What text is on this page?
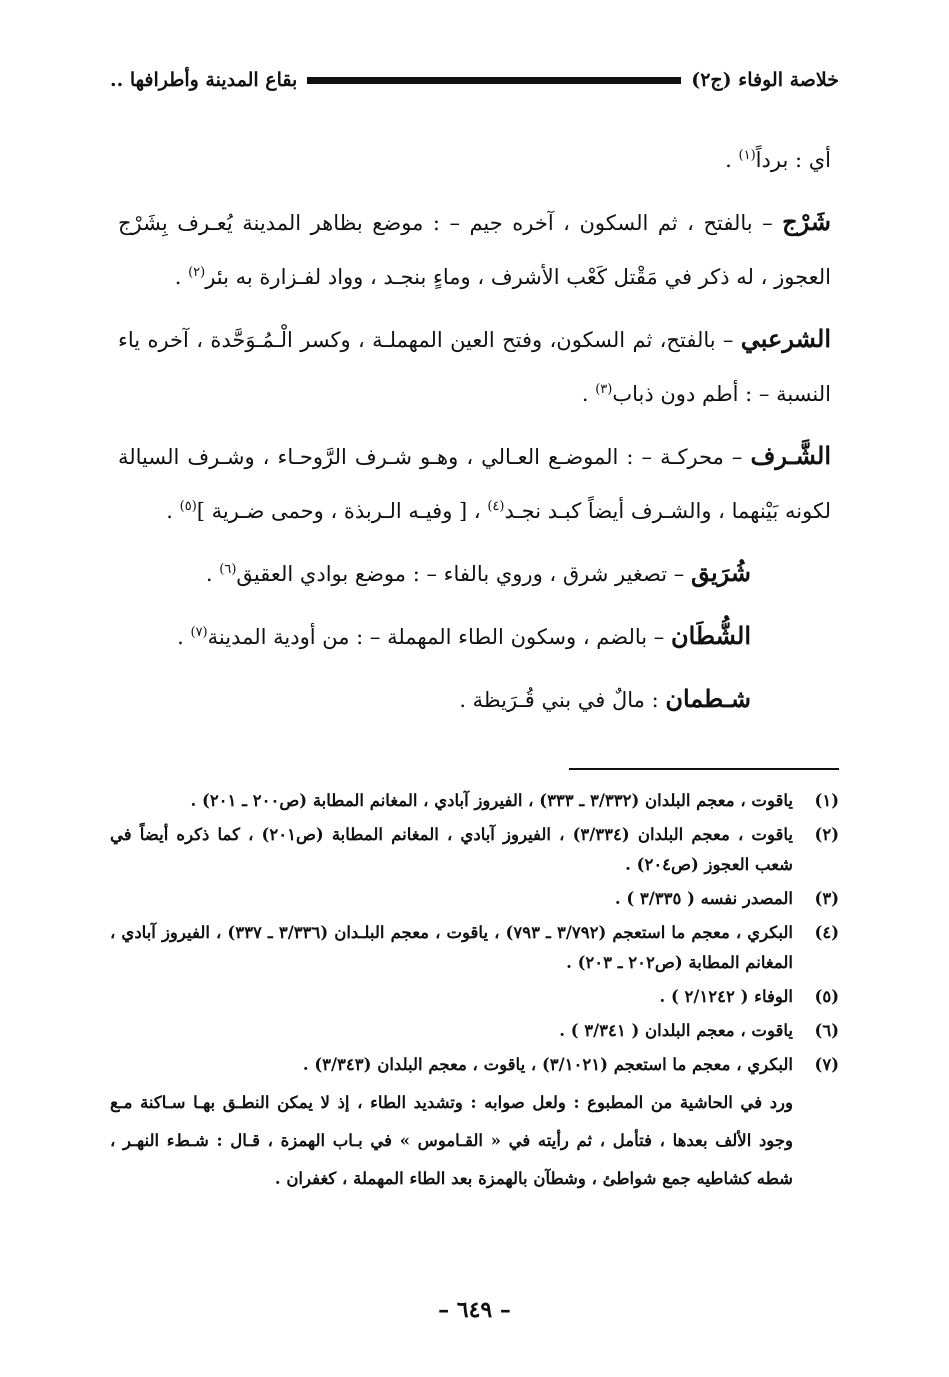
خلاصة الوفاء (ج٢)
بقاع المدينة وأطرافها ..

أي : برداً$^{(١)}$ .

شَرْج – بالفتح ، ثم السكون ، آخره جيم – : موضع بظاهر المدينة يُعـرف بِشَرْج العجوز ، له ذكر في مَقْتل كَعْب الأشرف ، وماءٍ بنجـد ، وواد لفـزارة به بئر$^{(٢)}$ .

الشرعبي – بالفتح، ثم السكون، وفتح العين المهملـة ، وكسر الْـمُـوَحَّدة ، آخره ياء النسبة – : أطم دون ذباب$^{(٣)}$ .

الشَّـرف – محركـة – : الموضـع العـالي ، وهـو شـرف الرَّوحـاء ، وشـرف السيالة لكونه بَيْنهما ، والشـرف أيضاً كبـد نجـد$^{(٤)}$ ، [ وفيـه الـربذة ، وحمى ضـرية ]$^{(٥)}$ .

شُرَيق – تصغير شرق ، وروي بالفاء – : موضع بوادي العقيق$^{(٦)}$ .

الشُّطَان – بالضم ، وسكون الطاء المهملة – : من أودية المدينة$^{(٧)}$ .

شـطمان : مالٌ في بني قُـرَيظة .

(١)
ياقوت ، معجم البلدان (٣/٣٣٢ ـ ٣٣٣) ، الفيروز آبادي ، المغانم المطابة (ص٢٠٠ ـ ٢٠١) .
(٢)
ياقوت ، معجم البلدان (٣/٣٣٤) ، الفيروز آبادي ، المغانم المطابة (ص٢٠١) ، كما ذكره أيضاً في شعب العجوز (ص٢٠٤) .
(٣)
المصدر نفسه ( ٣/٣٣٥ ) .
(٤)
البكري ، معجم ما استعجم (٣/٧٩٢ ـ ٧٩٣) ، ياقوت ، معجم البلـدان (٣/٣٣٦ ـ ٣٣٧) ، الفيروز آبادي ، المغانم المطابة (ص٢٠٢ ـ ٢٠٣) .
(٥)
الوفاء ( ٢/١٢٤٢ ) .
(٦)
ياقوت ، معجم البلدان ( ٣/٣٤١ ) .
(٧)
البكري ، معجم ما استعجم (٣/١٠٢١) ، ياقوت ، معجم البلدان (٣/٣٤٣) .
ورد في الحاشية من المطبوع : ولعل صوابه : وتشديد الطاء ، إذ لا يمكن النطـق بهـا سـاكنة مـع وجود الألف بعدها ، فتأمل ، ثم رأيته في « القـاموس » في بـاب الهمزة ، قـال : شـطء النهـر ، شطه كشاطيه جمع شواطئ ، وشطآن بالهمزة بعد الطاء المهملة ، كغفران .
– ٦٤٩ –
